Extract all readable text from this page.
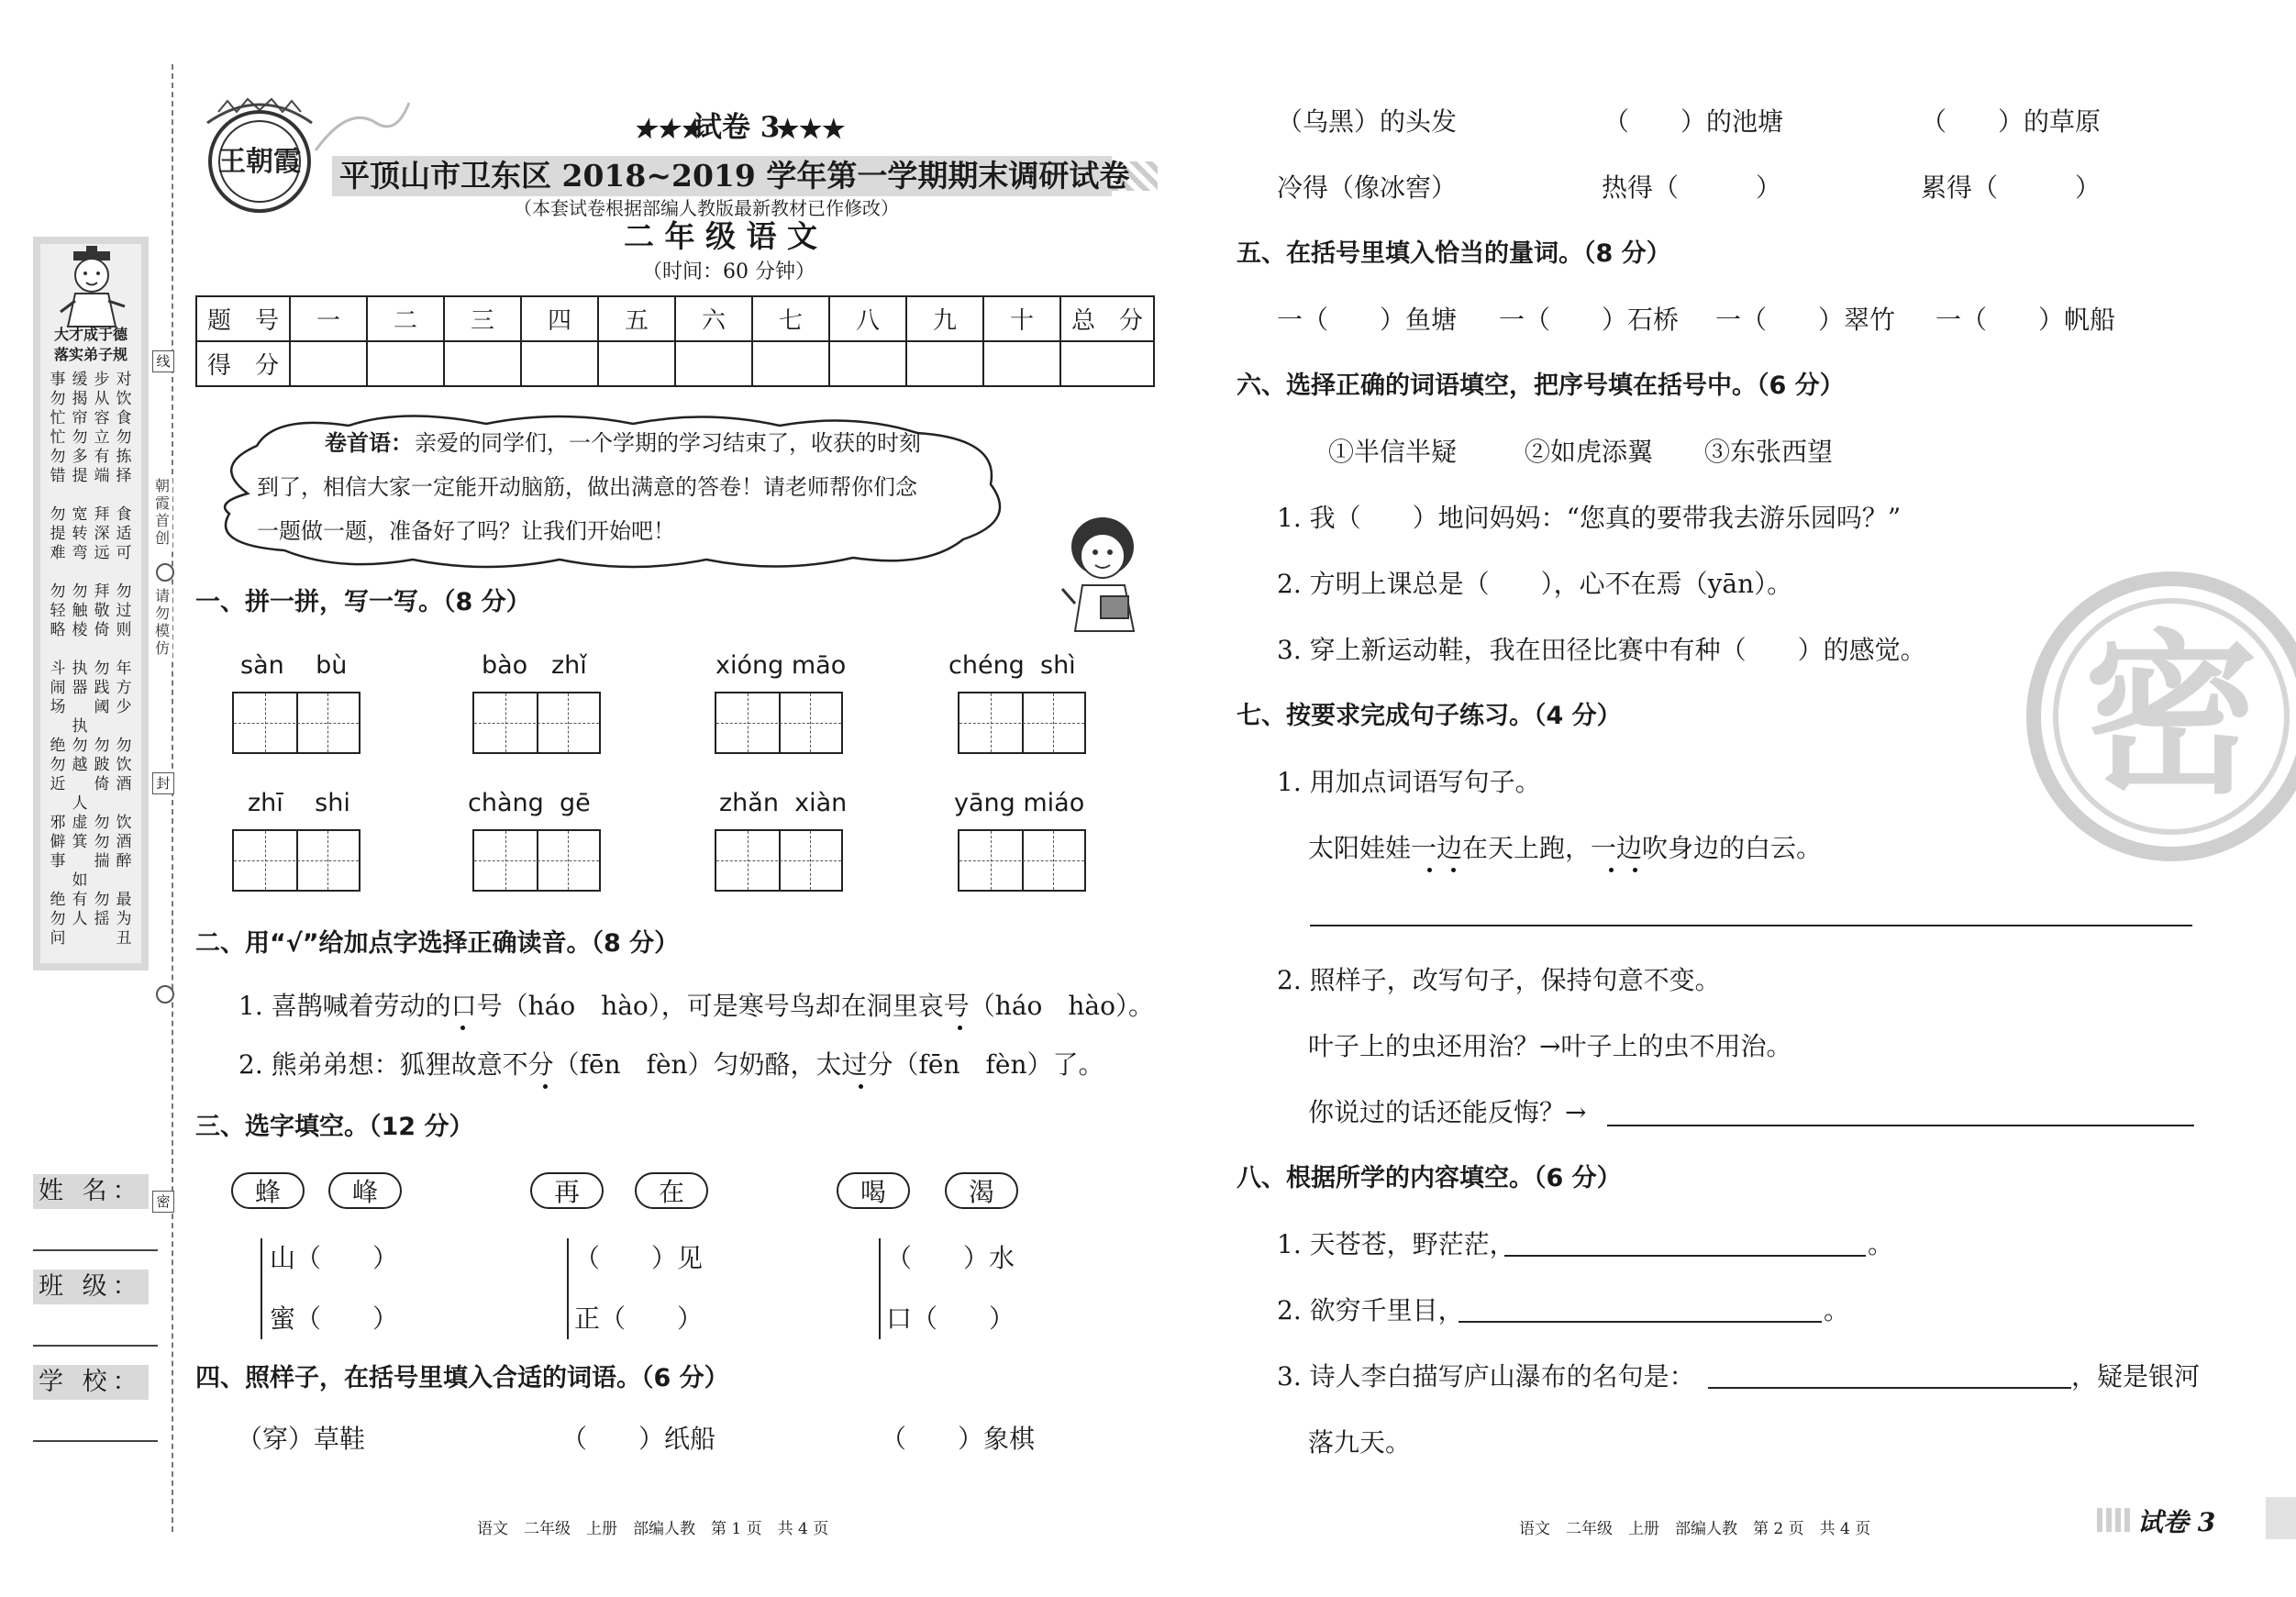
大才成于德
落实弟子规
事勿忙
忙勿错

勿提难

勿轻略

斗闹场

绝勿近

邪僻事

绝勿问
缓揭帘
勿多提

宽转弯

勿触棱

执器

执勿越

人虚箕

如有人
步从容
立有端

拜深远

拜敬倚

勿践阈

勿跛倚

勿勿揣

勿揺
对饮食
勿拣择

食适可

勿过则

年方少

勿饮酒

饮酒醉

最为丑
线
朝霞首创
请勿模仿
封
密
姓 名：
班 级：
学 校：
王朝霞
★★★
试卷 3
★★★
平顶山市卫东区 2018~2019 学年第一学期期末调研试卷
（本套试卷根据部编人教版最新教材已作修改）
二 年 级 语 文
（时间：60 分钟）
题　号	一	二	三	四	五	六	七	八	九	十	总　分
得　分											
卷首语： 亲爱的同学们，一个学期的学习结束了，收获的时刻
到了，相信大家一定能开动脑筋，做出满意的答卷！请老师帮你们念
一题做一题，准备好了吗？让我们开始吧！
一、拼一拼，写一写。（8 分）
sàn bù	bào zhǐ	xióng māo	chéng shì
zhī shi	chàng gē	zhǎn xiàn	yāng miáo
二、用“√”给加点字选择正确读音。（8 分）
1. 喜鹊喊着劳动的口号（háo　hào），可是寒号鸟却在洞里哀号（háo　hào）。
2. 熊弟弟想：狐狸故意不分（fēn　fèn）匀奶酪，太过分（fēn　fèn）了。
三、选字填空。（12 分）
蜂	峰	再	在	喝	渴
山（　　）
蜜（　　）
（　　）见
正（　　）
（　　）水
口（　　）
四、照样子，在括号里填入合适的词语。（6 分）
（穿）草鞋	（　　）纸船	（　　）象棋
语文　二年级　上册　部编人教　第 1 页　共 4 页
（乌黑）的头发	（　　）的池塘	（　　）的草原
冷得（像冰窖）	热得（　　　）	累得（　　　）
五、在括号里填入恰当的量词。（8 分）
一（　　）鱼塘 一（　　）石桥 一（　　）翠竹 一（　　）帆船
六、选择正确的词语填空，把序号填在括号中。（6 分）
①半信半疑	②如虎添翼 ③东张西望
1. 我（　　）地问妈妈：“您真的要带我去游乐园吗？”
2. 方明上课总是（　　），心不在焉（yān）。
3. 穿上新运动鞋，我在田径比赛中有种（　　）的感觉。
七、按要求完成句子练习。（4 分）
1. 用加点词语写句子。
太阳娃娃一边在天上跑，一边吹身边的白云。
2. 照样子，改写句子，保持句意不变。
叶子上的虫还用治？→叶子上的虫不用治。
你说过的话还能反悔？→
八、根据所学的内容填空。（6 分）
1. 天苍苍，野茫茫，	。
2. 欲穷千里目，	。
3. 诗人李白描写庐山瀑布的名句是：	，疑是银河
落九天。
语文　二年级　上册　部编人教　第 2 页　共 4 页
密
试卷 3
